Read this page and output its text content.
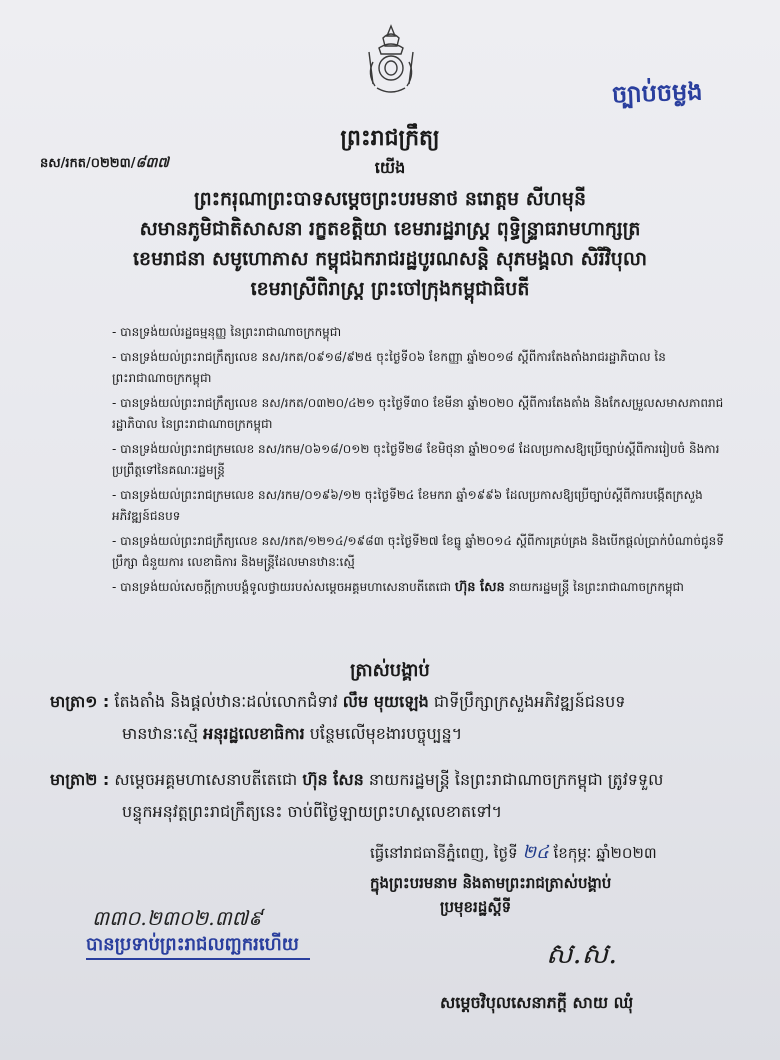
ច្បាប់ចម្លង
ព្រះរាជក្រឹត្យ
នស/រកត/០២២៣/៨៣៧	យើង
ព្រះករុណាព្រះបាទសម្តេចព្រះបរមនាថ នរោត្តម សីហមុនី
សមានភូមិជាតិសាសនា រក្ខតខត្តិយា ខេមរារដ្ឋរាស្ត្រ ពុទ្ធិន្ទ្រាធរាមហាក្សត្រ
ខេមរាជនា សមូហោភាស កម្ពុជឯករាជរដ្ឋបូរណសន្តិ សុភមង្គលា សិរីវិបុលា
ខេមរាស្រីពិរាស្ត្រ ព្រះចៅក្រុងកម្ពុជាធិបតី
- បានទ្រង់យល់រដ្ឋធម្មនុញ្ញ នៃព្រះរាជាណាចក្រកម្ពុជា
- បានទ្រង់យល់ព្រះរាជក្រឹត្យលេខ នស/រកត/០៩១៨/៩២៥ ចុះថ្ងៃទី០៦ ខែកញ្ញា ឆ្នាំ២០១៨ ស្តីពីការតែងតាំងរាជរដ្ឋាភិបាល នៃព្រះរាជាណាចក្រកម្ពុជា
- បានទ្រង់យល់ព្រះរាជក្រឹត្យលេខ នស/រកត/០៣២០/៤២១ ចុះថ្ងៃទី៣០ ខែមីនា ឆ្នាំ២០២០ ស្តីពីការតែងតាំង និងកែសម្រួលសមាសភាពរាជរដ្ឋាភិបាល នៃព្រះរាជាណាចក្រកម្ពុជា
- បានទ្រង់យល់ព្រះរាជក្រមលេខ នស/រកម/០៦១៨/០១២ ចុះថ្ងៃទី២៨ ខែមិថុនា ឆ្នាំ២០១៨ ដែលប្រកាសឱ្យប្រើច្បាប់ស្តីពីការរៀបចំ និងការប្រព្រឹត្តទៅនៃគណៈរដ្ឋមន្ត្រី
- បានទ្រង់យល់ព្រះរាជក្រមលេខ នស/រកម/០១៩៦/១២ ចុះថ្ងៃទី២៤ ខែមករា ឆ្នាំ១៩៩៦ ដែលប្រកាសឱ្យប្រើច្បាប់ស្តីពីការបង្កើតក្រសួងអភិវឌ្ឍន៍ជនបទ
- បានទ្រង់យល់ព្រះរាជក្រឹត្យលេខ នស/រកត/១២១៤/១៩៨៣ ចុះថ្ងៃទី២៧ ខែធ្នូ ឆ្នាំ២០១៤ ស្តីពីការគ្រប់គ្រង និងបើកផ្តល់ប្រាក់បំណាច់ជូនទីប្រឹក្សា ជំនួយការ លេខាធិការ និងមន្ត្រីដែលមានឋានៈស្មើ
- បានទ្រង់យល់សេចក្តីក្រាបបង្គំទូលថ្វាយរបស់សម្តេចអគ្គមហាសេនាបតីតេជោ ហ៊ុន សែន នាយករដ្ឋមន្ត្រី នៃព្រះរាជាណាចក្រកម្ពុជា
ត្រាស់បង្គាប់
មាត្រា១ : តែងតាំង និងផ្តល់ឋានៈដល់លោកជំទាវ លឹម មុយឡេង ជាទីប្រឹក្សាក្រសួងអភិវឌ្ឍន៍ជនបទ
មានឋានៈស្មើ អនុរដ្ឋលេខាធិការ បន្ថែមលើមុខងារបច្ចុប្បន្ន។
មាត្រា២ : សម្តេចអគ្គមហាសេនាបតីតេជោ ហ៊ុន សែន នាយករដ្ឋមន្ត្រី នៃព្រះរាជាណាចក្រកម្ពុជា ត្រូវទទួល
បន្ទុកអនុវត្តព្រះរាជក្រឹត្យនេះ ចាប់ពីថ្ងៃឡាយព្រះហស្តលេខាតទៅ។
ធ្វើនៅរាជធានីភ្នំពេញ, ថ្ងៃទី ២៤ ខែកុម្ភៈ ឆ្នាំ២០២៣
ក្នុងព្រះបរមនាម និងតាមព្រះរាជត្រាស់បង្គាប់
ប្រមុខរដ្ឋស្តីទី
ស.ស.
សម្តេចវិបុលសេនាភក្តី សាយ ឈុំ
៣៣០.២៣០២.៣៧៩
បានប្រទាប់ព្រះរាជលញ្ឆករហើយ
